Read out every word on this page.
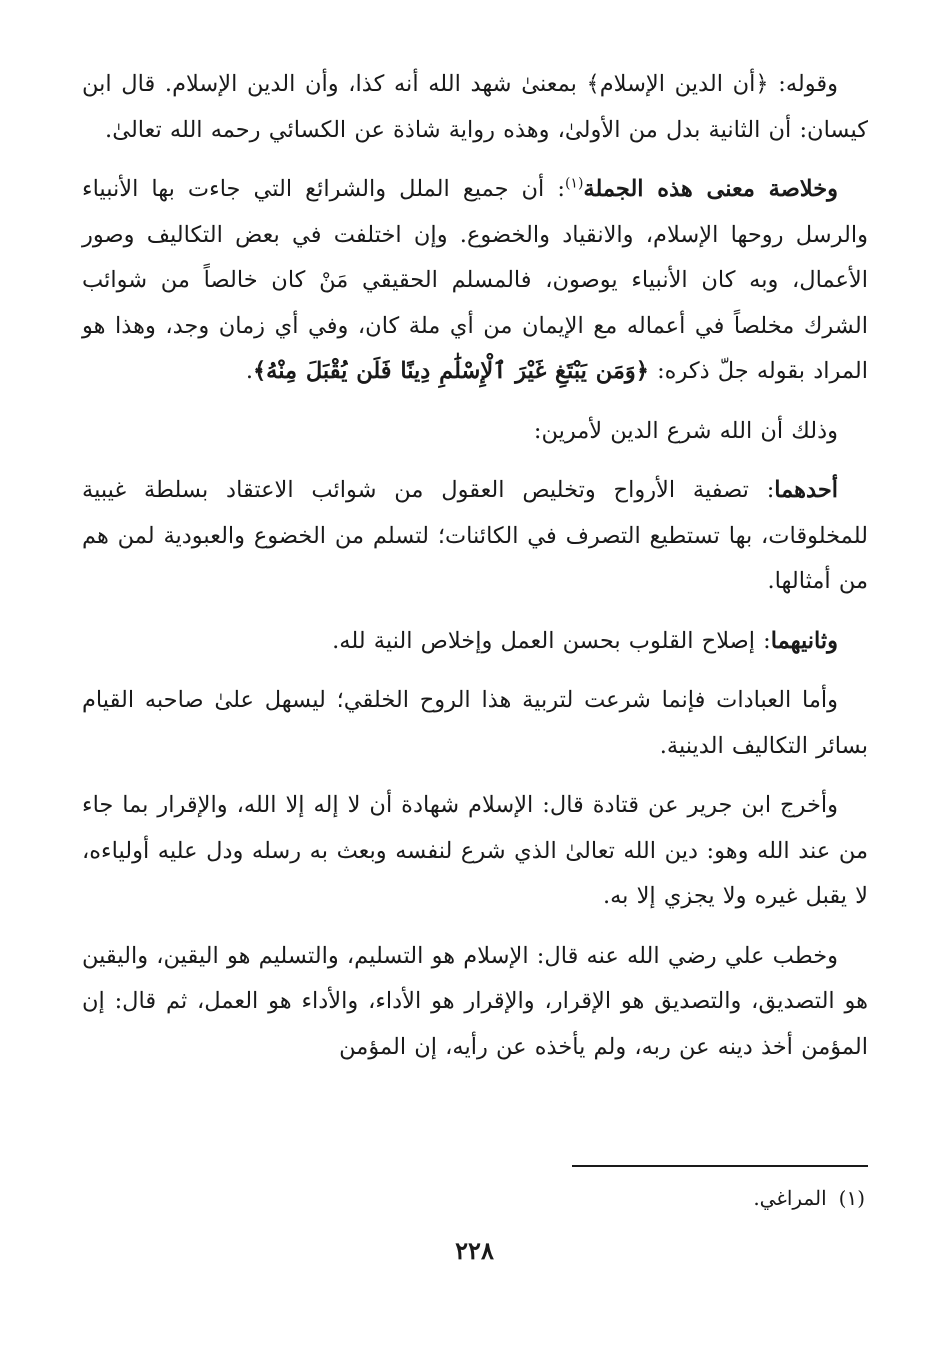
وقوله: ﴿أن الدين الإسلام﴾ بمعنىٰ شهد الله أنه كذا، وأن الدين الإسلام. قال ابن كيسان: أن الثانية بدل من الأولىٰ، وهذه رواية شاذة عن الكسائي رحمه الله تعالىٰ.

وخلاصة معنى هذه الجملة$^{(١)}$: أن جميع الملل والشرائع التي جاءت بها الأنبياء والرسل روحها الإسلام، والانقياد والخضوع. وإن اختلفت في بعض التكاليف وصور الأعمال، وبه كان الأنبياء يوصون، فالمسلم الحقيقي مَنْ كان خالصاً من شوائب الشرك مخلصاً في أعماله مع الإيمان من أي ملة كان، وفي أي زمان وجد، وهذا هو المراد بقوله جلّ ذكره: ﴿وَمَن يَبْتَغِ غَيْرَ ٱلْإِسْلَٰمِ دِينًا فَلَن يُقْبَلَ مِنْهُ﴾.

وذلك أن الله شرع الدين لأمرين:

أحدهما: تصفية الأرواح وتخليص العقول من شوائب الاعتقاد بسلطة غيبية للمخلوقات، بها تستطيع التصرف في الكائنات؛ لتسلم من الخضوع والعبودية لمن هم من أمثالها.

وثانيهما: إصلاح القلوب بحسن العمل وإخلاص النية لله.

وأما العبادات فإنما شرعت لتربية هذا الروح الخلقي؛ ليسهل علىٰ صاحبه القيام بسائر التكاليف الدينية.

وأخرج ابن جرير عن قتادة قال: الإسلام شهادة أن لا إله إلا الله، والإقرار بما جاء من عند الله وهو: دين الله تعالىٰ الذي شرع لنفسه وبعث به رسله ودل عليه أولياءه، لا يقبل غيره ولا يجزي إلا به.

وخطب علي رضي الله عنه قال: الإسلام هو التسليم، والتسليم هو اليقين، واليقين هو التصديق، والتصديق هو الإقرار، والإقرار هو الأداء، والأداء هو العمل، ثم قال: إن المؤمن أخذ دينه عن ربه، ولم يأخذه عن رأيه، إن المؤمن

(١)المراغي.
٢٢٨
